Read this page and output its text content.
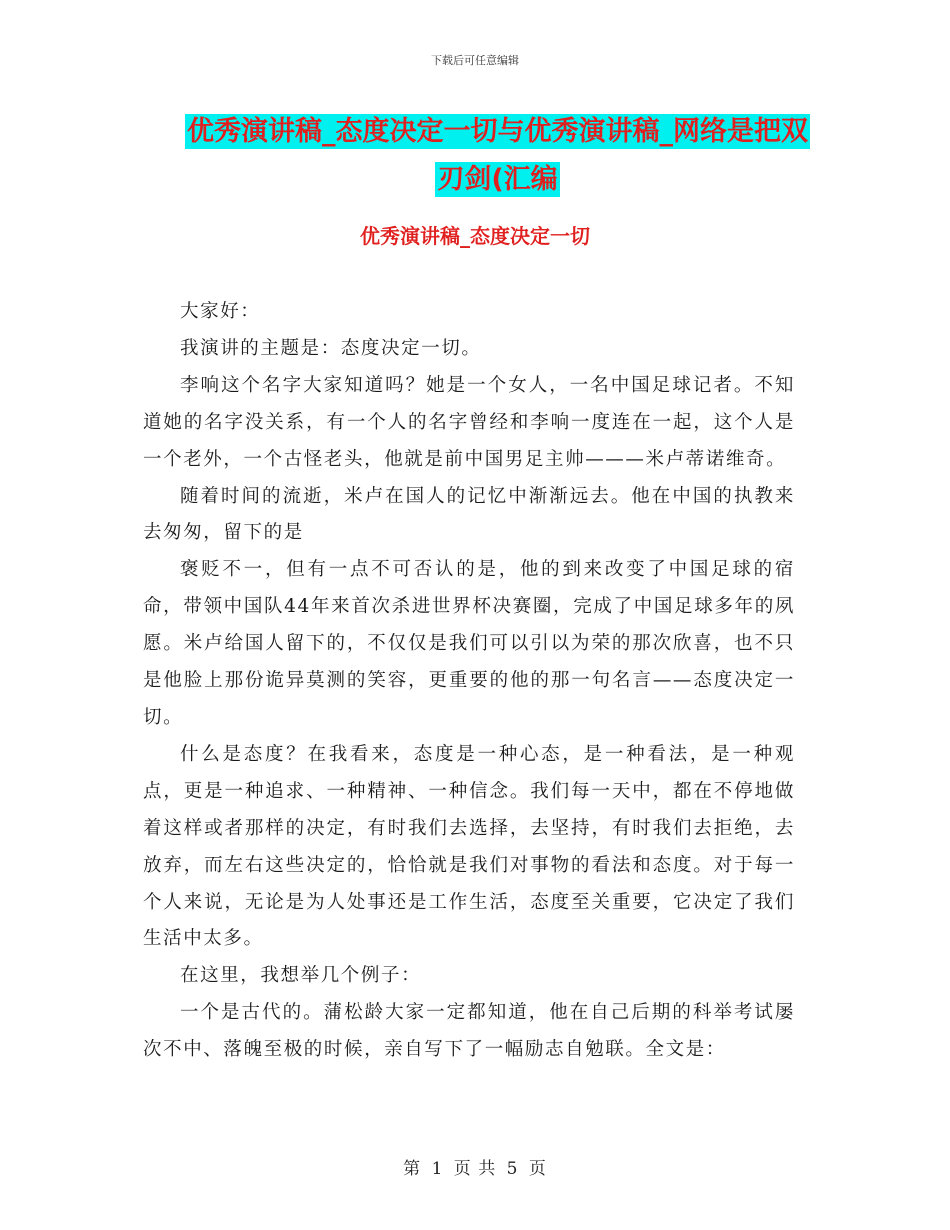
下载后可任意编辑
优秀演讲稿_态度决定一切与优秀演讲稿_网络是把双
刃剑(汇编
优秀演讲稿_态度决定一切

大家好：

我演讲的主题是：态度决定一切。

李响这个名字大家知道吗？她是一个女人，一名中国足球记者。不知道她的名字没关系，有一个人的名字曾经和李响一度连在一起，这个人是一个老外，一个古怪老头，他就是前中国男足主帅———米卢蒂诺维奇。

随着时间的流逝，米卢在国人的记忆中渐渐远去。他在中国的执教来去匆匆，留下的是

褒贬不一，但有一点不可否认的是，他的到来改变了中国足球的宿命，带领中国队44年来首次杀进世界杯决赛圈，完成了中国足球多年的夙愿。米卢给国人留下的，不仅仅是我们可以引以为荣的那次欣喜，也不只是他脸上那份诡异莫测的笑容，更重要的他的那一句名言——态度决定一切。

什么是态度？在我看来，态度是一种心态，是一种看法，是一种观点，更是一种追求、一种精神、一种信念。我们每一天中，都在不停地做着这样或者那样的决定，有时我们去选择，去坚持，有时我们去拒绝，去放弃，而左右这些决定的，恰恰就是我们对事物的看法和态度。对于每一个人来说，无论是为人处事还是工作生活，态度至关重要，它决定了我们生活中太多。

在这里，我想举几个例子：

一个是古代的。蒲松龄大家一定都知道，他在自己后期的科举考试屡次不中、落魄至极的时候，亲自写下了一幅励志自勉联。全文是：

第 1 页 共 5 页
